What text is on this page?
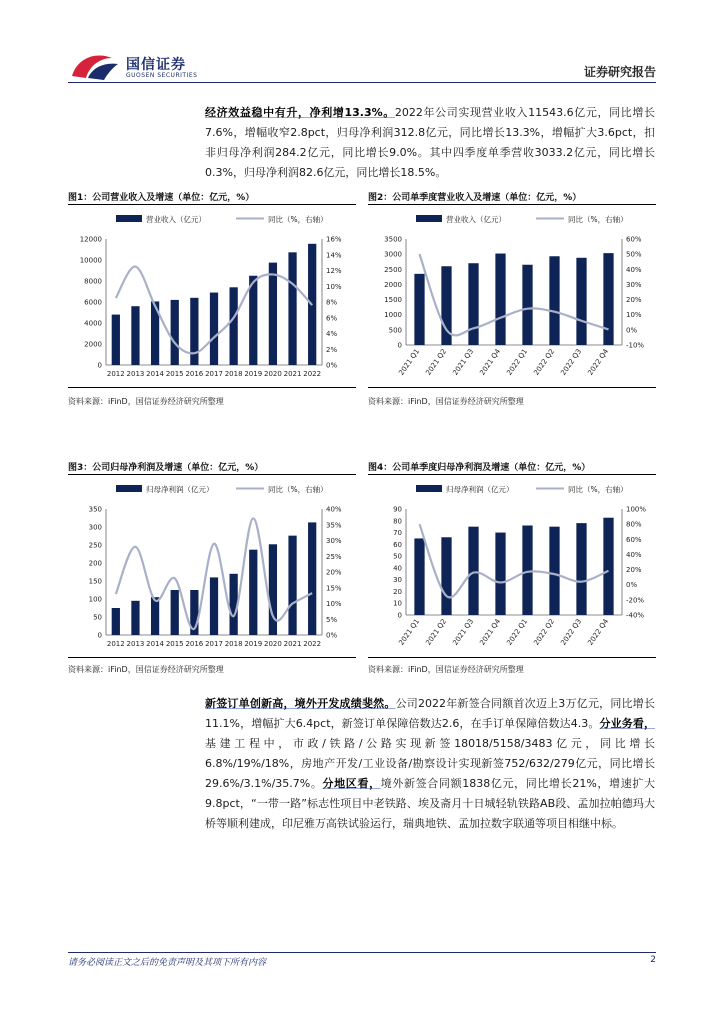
国信证券
GUOSEN SECURITIES	证券研究报告
经济效益稳中有升，净利增13.3%。2022年公司实现营业收入11543.6亿元，同比增长7.6%，增幅收窄2.8pct，归母净利润312.8亿元，同比增长13.3%，增幅扩大3.6pct，扣非归母净利润284.2亿元，同比增长9.0%。其中四季度单季营收3033.2亿元，同比增长0.3%，归母净利润82.6亿元，同比增长18.5%。
图1：公司营业收入及增速（单位：亿元，%）
营业收入（亿元）	同比（%，右轴）
0
2000
4000
6000
8000
10000
12000
0%
2%
4%
6%
8%
10%
12%
14%
16%
2012 2013 2014 2015 2016 2017 2018 2019 2020 2021 2022
资料来源：iFinD，国信证券经济研究所整理
图2：公司单季度营业收入及增速（单位：亿元，%）
营业收入（亿元）	同比（%，右轴）
0
500
1000
1500
2000
2500
3000
3500
-10%
0%
10%
20%
30%
40%
50%
60%
2021 Q1 2021 Q2 2021 Q3 2021 Q4 2022 Q1 2022 Q2 2022 Q3 2022 Q4
资料来源：iFinD，国信证券经济研究所整理
图3：公司归母净利润及增速（单位：亿元，%）
归母净利润（亿元）	同比（%，右轴）
0
50
100
150
200
250
300
350
0%
5%
10%
15%
20%
25%
30%
35%
40%
2012 2013 2014 2015 2016 2017 2018 2019 2020 2021 2022
资料来源：iFinD，国信证券经济研究所整理
图4：公司单季度归母净利润及增速（单位：亿元，%）
归母净利润（亿元）	同比（%，右轴）
0
10
20
30
40
50
60
70
80
90
-40%
-20%
0%
20%
40%
60%
80%
100%
2021 Q1 2021 Q2 2021 Q3 2021 Q4 2022 Q1 2022 Q2 2022 Q3 2022 Q4
资料来源：iFinD，国信证券经济研究所整理
新签订单创新高，境外开发成绩斐然。公司2022年新签合同额首次迈上3万亿元，同比增长11.1%，增幅扩大6.4pct，新签订单保障倍数达2.6，在手订单保障倍数达4.3。分业务看，基建工程中，市政/铁路/公路实现新签18018/5158/3483亿元，同比增长6.8%/19%/18%，房地产开发/工业设备/勘察设计实现新签752/632/279亿元，同比增长29.6%/3.1%/35.7%。分地区看，境外新签合同额1838亿元，同比增长21%，增速扩大9.8pct，“一带一路”标志性项目中老铁路、埃及斋月十日城轻轨铁路AB段、孟加拉帕德玛大桥等顺利建成，印尼雅万高铁试验运行，瑞典地铁、孟加拉数字联通等项目相继中标。
请务必阅读正文之后的免责声明及其项下所有内容	2
